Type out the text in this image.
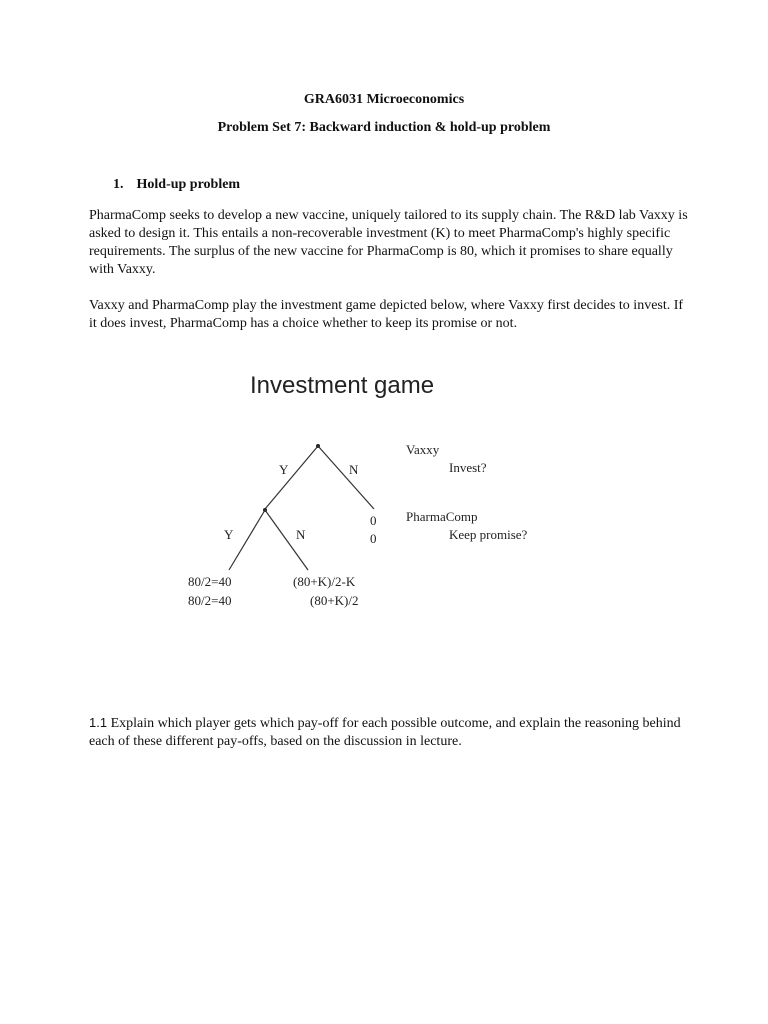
GRA6031 Microeconomics
Problem Set 7: Backward induction & hold-up problem
1. Hold-up problem
PharmaComp seeks to develop a new vaccine, uniquely tailored to its supply chain. The R&D lab Vaxxy is asked to design it. This entails a non-recoverable investment (K) to meet PharmaComp's highly specific requirements. The surplus of the new vaccine for PharmaComp is 80, which it promises to share equally with Vaxxy.
Vaxxy and PharmaComp play the investment game depicted below, where Vaxxy first decides to invest. If it does invest, PharmaComp has a choice whether to keep its promise or not.
Investment game
Y	N
Y	N
0
0
80/2=40
80/2=40
(80+K)/2-K
(80+K)/2
Vaxxy
Invest?
PharmaComp
Keep promise?
1.1 Explain which player gets which pay-off for each possible outcome, and explain the reasoning behind each of these different pay-offs, based on the discussion in lecture.
